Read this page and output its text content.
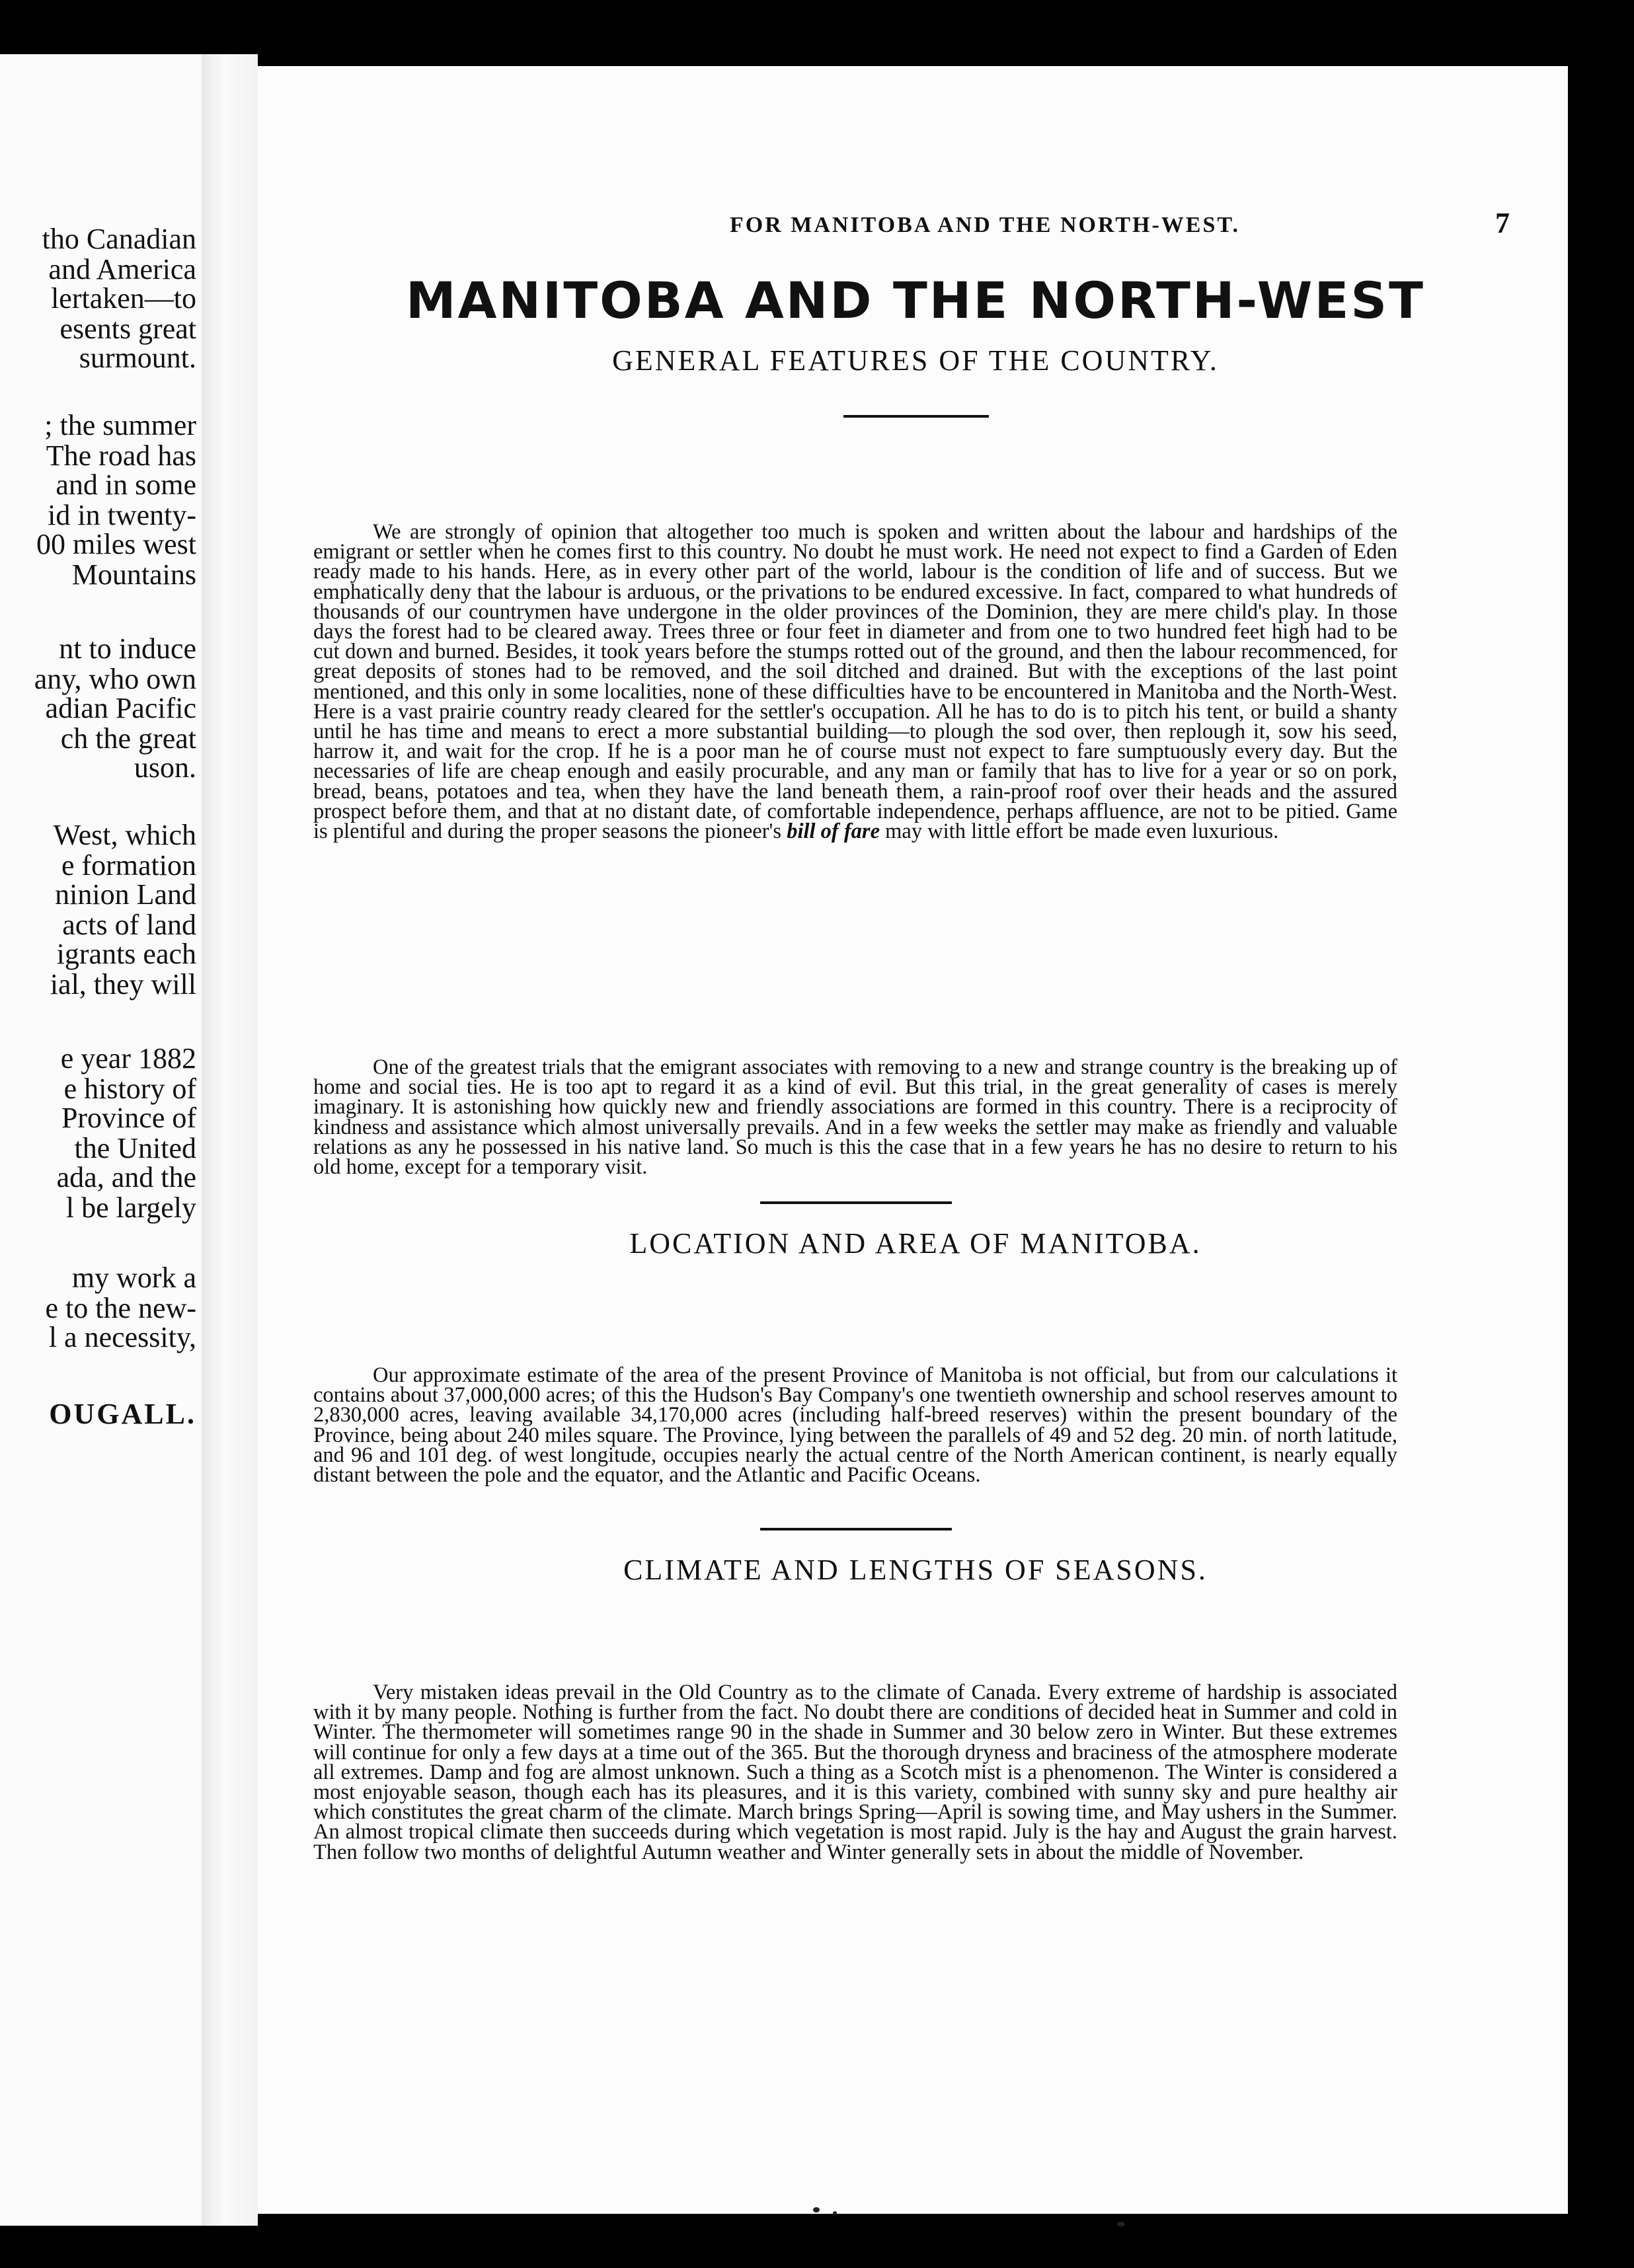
tho Canadian
and America
lertaken—to
esents great
surmount.
; the summer
The road has
and in some
id in twenty-
00 miles west
Mountains
nt to induce
any, who own
adian Pacific
ch the great
uson.
West, which
e formation
ninion Land
acts of land
igrants each
ial, they will
e year 1882
e history of
Province of
the United
ada, and the
l be largely
my work a
e to the new-
l a necessity,
OUGALL.
FOR MANITOBA AND THE NORTH-WEST.	7
MANITOBA AND THE NORTH-WEST
GENERAL FEATURES OF THE COUNTRY.

We are strongly of opinion that altogether too much is spoken and written about the labour and hardships of the emigrant or settler when he comes first to this country. No doubt he must work. He need not expect to find a Garden of Eden ready made to his hands. Here, as in every other part of the world, labour is the condition of life and of success. But we emphatically deny that the labour is arduous, or the privations to be endured excessive. In fact, compared to what hundreds of thousands of our countrymen have undergone in the older provinces of the Dominion, they are mere child's play. In those days the forest had to be cleared away. Trees three or four feet in diameter and from one to two hundred feet high had to be cut down and burned. Besides, it took years before the stumps rotted out of the ground, and then the labour recommenced, for great deposits of stones had to be removed, and the soil ditched and drained. But with the exceptions of the last point mentioned, and this only in some localities, none of these difficulties have to be encountered in Manitoba and the North-West. Here is a vast prairie country ready cleared for the settler's occupation. All he has to do is to pitch his tent, or build a shanty until he has time and means to erect a more substantial building—to plough the sod over, then replough it, sow his seed, harrow it, and wait for the crop. If he is a poor man he of course must not expect to fare sumptuously every day. But the necessaries of life are cheap enough and easily procurable, and any man or family that has to live for a year or so on pork, bread, beans, potatoes and tea, when they have the land beneath them, a rain-proof roof over their heads and the assured prospect before them, and that at no distant date, of comfortable independence, perhaps affluence, are not to be pitied. Game is plentiful and during the proper seasons the pioneer's bill of fare may with little effort be made even luxurious.

One of the greatest trials that the emigrant associates with removing to a new and strange country is the breaking up of home and social ties. He is too apt to regard it as a kind of evil. But this trial, in the great generality of cases is merely imaginary. It is astonishing how quickly new and friendly associations are formed in this country. There is a reciprocity of kindness and assistance which almost universally prevails. And in a few weeks the settler may make as friendly and valuable relations as any he possessed in his native land. So much is this the case that in a few years he has no desire to return to his old home, except for a temporary visit.

LOCATION AND AREA OF MANITOBA.

Our approximate estimate of the area of the present Province of Manitoba is not official, but from our calculations it contains about 37,000,000 acres; of this the Hudson's Bay Company's one twentieth ownership and school reserves amount to 2,830,000 acres, leaving available 34,170,000 acres (including half-breed reserves) within the present boundary of the Province, being about 240 miles square. The Province, lying between the parallels of 49 and 52 deg. 20 min. of north latitude, and 96 and 101 deg. of west longitude, occupies nearly the actual centre of the North American continent, is nearly equally distant between the pole and the equator, and the Atlantic and Pacific Oceans.

CLIMATE AND LENGTHS OF SEASONS.

Very mistaken ideas prevail in the Old Country as to the climate of Canada. Every extreme of hardship is associated with it by many people. Nothing is further from the fact. No doubt there are conditions of decided heat in Summer and cold in Winter. The thermometer will sometimes range 90 in the shade in Summer and 30 below zero in Winter. But these extremes will continue for only a few days at a time out of the 365. But the thorough dryness and braciness of the atmosphere moderate all extremes. Damp and fog are almost unknown. Such a thing as a Scotch mist is a phenomenon. The Winter is considered a most enjoyable season, though each has its pleasures, and it is this variety, combined with sunny sky and pure healthy air which constitutes the great charm of the climate. March brings Spring—April is sowing time, and May ushers in the Summer. An almost tropical climate then succeeds during which vegetation is most rapid. July is the hay and August the grain harvest. Then follow two months of delightful Autumn weather and Winter generally sets in about the middle of November.
